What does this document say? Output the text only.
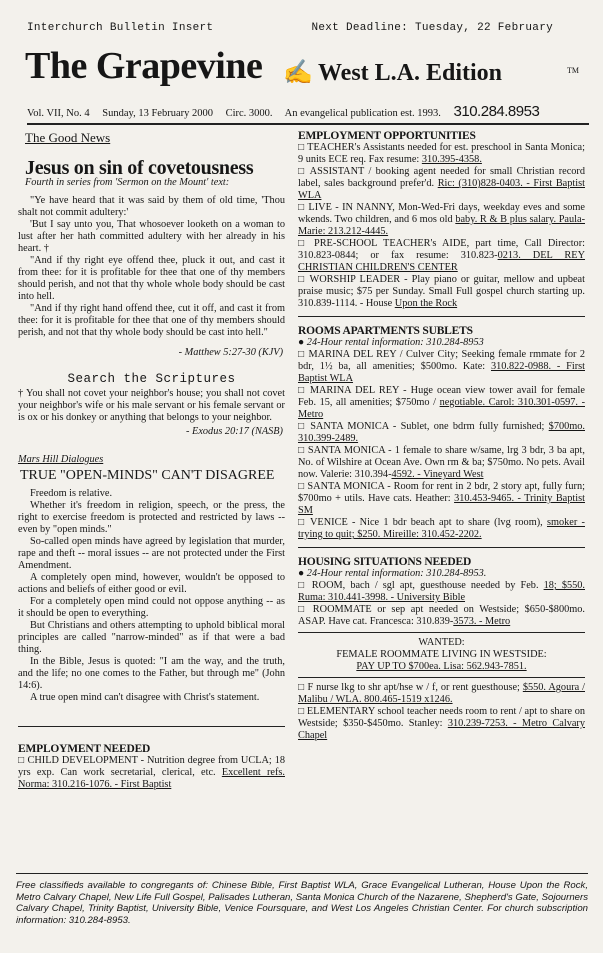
Interchurch Bulletin Insert	Next Deadline: Tuesday, 22 February
The Grapevine ✍ West L.A. Edition	TM
Vol. VII, No. 4 Sunday, 13 February 2000 Circ. 3000. An evangelical publication est. 1993. 310.284.8953
The Good News
Jesus on sin of covetousness

Fourth in series from 'Sermon on the Mount' text:

"Ye have heard that it was said by them of old time, 'Thou shalt not commit adultery:'

'But I say unto you, That whosoever looketh on a woman to lust after her hath committed adultery with her already in his heart. †

"And if thy right eye offend thee, pluck it out, and cast it from thee: for it is profitable for thee that one of thy members should perish, and not that thy whole whole body should be cast into hell.

"And if thy right hand offend thee, cut it off, and cast it from thee: for it is profitable for thee that one of thy members should perish, and not that thy whole body should be cast into hell."

- Matthew 5:27-30 (KJV)

Search the Scriptures

† You shall not covet your neighbor's house; you shall not covet your neighbor's wife or his male servant or his female servant or is ox or his donkey or anything that belongs to your neighbor.

- Exodus 20:17 (NASB)

Mars Hill Dialogues
TRUE "OPEN-MINDS" CAN'T DISAGREE

Freedom is relative.

Whether it's freedom in religion, speech, or the press, the right to exercise freedom is protected and restricted by laws -- even by "open minds."

So-called open minds have agreed by legislation that murder, rape and theft -- moral issues -- are not protected under the First Amendment.

A completely open mind, however, wouldn't be opposed to actions and beliefs of either good or evil.

For a completely open mind could not oppose anything -- as it should be open to everything.

But Christians and others attempting to uphold biblical moral principles are called "narrow-minded" as if that were a bad thing.

In the Bible, Jesus is quoted: "I am the way, and the truth, and the life; no one comes to the Father, but through me" (John 14:6).

A true open mind can't disagree with Christ's statement.

EMPLOYMENT NEEDED

□ CHILD DEVELOPMENT - Nutrition degree from UCLA; 18 yrs exp. Can work secretarial, clerical, etc. Excellent refs. Norma: 310.216-1076. - First Baptist

EMPLOYMENT OPPORTUNITIES

□ TEACHER's Assistants needed for est. preschool in Santa Monica; 9 units ECE req. Fax resume: 310.395-4358.

□ ASSISTANT / booking agent needed for small Christian record label, sales background prefer'd. Ric: (310)828-0403. - First Baptist WLA

□ LIVE - IN NANNY, Mon-Wed-Fri days, weekday eves and some wkends. Two children, and 6 mos old baby. R & B plus salary. Paula-Marie: 213.212-4445.

□ PRE-SCHOOL TEACHER's AIDE, part time, Call Director: 310.823-0844; or fax resume: 310.823-0213. DEL REY CHRISTIAN CHILDREN'S CENTER

□ WORSHIP LEADER - Play piano or guitar, mellow and upbeat praise music; $75 per Sunday. Small Full gospel church starting up. 310.839-1114. - House Upon the Rock

ROOMS APARTMENTS SUBLETS

● 24-Hour rental information: 310.284-8953

□ MARINA DEL REY / Culver City; Seeking female rmmate for 2 bdr, 1½ ba, all amenities; $500mo. Kate: 310.822-0988. - First Baptist WLA

□ MARINA DEL REY - Huge ocean view tower avail for female Feb. 15, all amenities; $750mo / negotiable. Carol: 310.301-0597. - Metro

□ SANTA MONICA - Sublet, one bdrm fully furnished; $700mo. 310.399-2489.

□ SANTA MONICA - 1 female to share w/same, lrg 3 bdr, 3 ba apt, No. of Wilshire at Ocean Ave. Own rm & ba; $750mo. No pets. Avail now. Valerie: 310.394-4592. - Vineyard West

□ SANTA MONICA - Room for rent in 2 bdr, 2 story apt, fully furn; $700mo + utils. Have cats. Heather: 310.453-9465. - Trinity Baptist SM

□ VENICE - Nice 1 bdr beach apt to share (lvg room), smoker - trying to quit; $250. Mireille: 310.452-2202.

HOUSING SITUATIONS NEEDED

● 24-Hour rental information: 310.284-8953.

□ ROOM, bach / sgl apt, guesthouse needed by Feb. 18; $550. Ruma: 310.441-3998. - University Bible

□ ROOMMATE or sep apt needed on Westside; $650-$800mo. ASAP. Have cat. Francesca: 310.839-3573. - Metro

WANTED:
FEMALE ROOMMATE LIVING IN WESTSIDE:
PAY UP TO $700ea. Lisa: 562.943-7851.

□ F nurse lkg to shr apt/hse w / f, or rent guesthouse; $550. Agoura / Malibu / WLA. 800.465-1519 x1246.

□ ELEMENTARY school teacher needs room to rent / apt to share on Westside; $350-$450mo. Stanley: 310.239-7253. - Metro Calvary Chapel

Free classifieds available to congregants of: Chinese Bible, First Baptist WLA, Grace Evangelical Lutheran, House Upon the Rock, Metro Calvary Chapel, New Life Full Gospel, Palisades Lutheran, Santa Monica Church of the Nazarene, Shepherd's Gate, Sojourners Calvary Chapel, Trinity Baptist, University Bible, Venice Foursquare, and West Los Angeles Christian Center. For church subscription information: 310.284-8953.
